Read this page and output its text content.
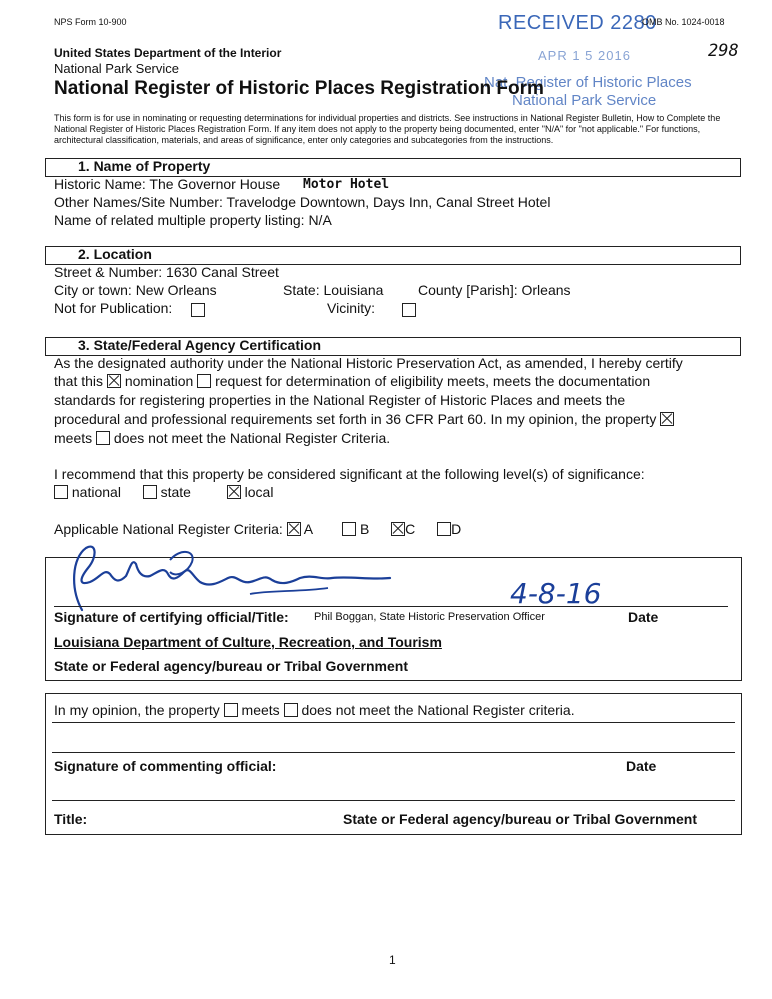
NPS Form 10-900	RECEIVED 2280
OMB No. 1024-0018
APR 1 5 2016	298
United States Department of the Interior
National Park Service
Nat. Register of Historic Places
National Park Service
National Register of Historic Places Registration Form
This form is for use in nominating or requesting determinations for individual properties and districts. See instructions in National Register Bulletin, How to Complete the National Register of Historic Places Registration Form. If any item does not apply to the property being documented, enter "N/A" for "not applicable." For functions, architectural classification, materials, and areas of significance, enter only categories and subcategories from the instructions.
1. Name of Property
Historic Name: The Governor House Motor Hotel
Other Names/Site Number: Travelodge Downtown, Days Inn, Canal Street Hotel
Name of related multiple property listing: N/A
2. Location
Street & Number: 1630 Canal Street
City or town: New Orleans	State: Louisiana County [Parish]: Orleans
Not for Publication:
	Vicinity:
3. State/Federal Agency Certification
As the designated authority under the National Historic Preservation Act, as amended, I hereby certify
that this nomination request for determination of eligibility meets, meets the documentation
standards for registering properties in the National Register of Historic Places and meets the
procedural and professional requirements set forth in 36 CFR Part 60. In my opinion, the property
meets does not meet the National Register Criteria.
I recommend that this property be considered significant at the following level(s) of significance:
national	state	local
Applicable National Register Criteria: A	B	C	D
4-8-16
Signature of certifying official/Title: Phil Boggan, State Historic Preservation Officer	Date
Louisiana Department of Culture, Recreation, and Tourism
State or Federal agency/bureau or Tribal Government
In my opinion, the property meets does not meet the National Register criteria.
Signature of commenting official:	Date
Title:	State or Federal agency/bureau or Tribal Government
1
